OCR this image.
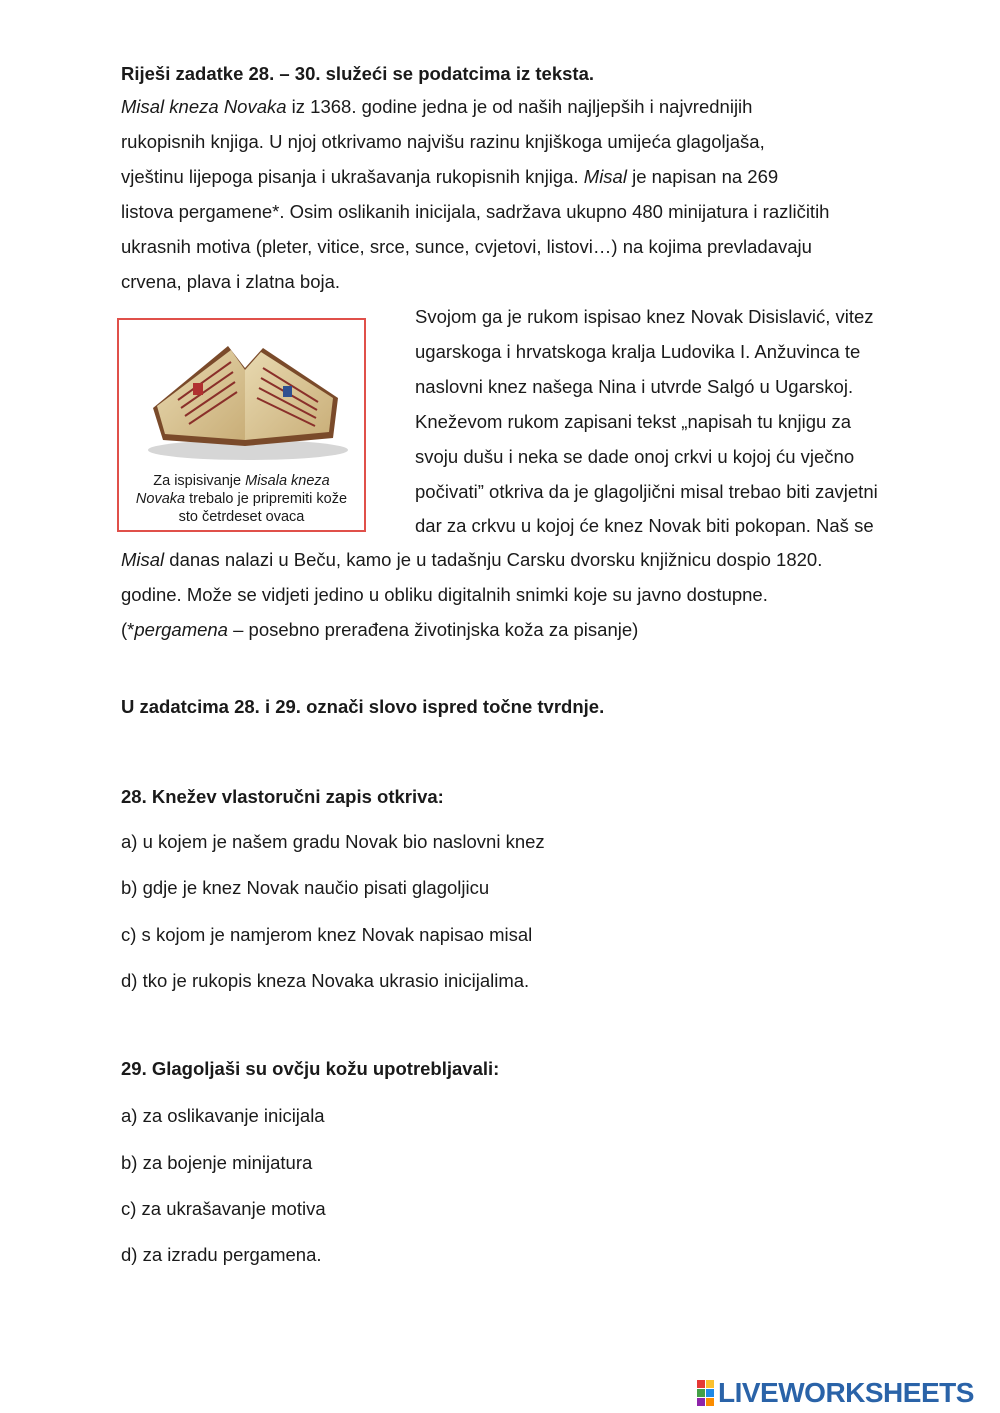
Riješi zadatke 28. – 30. služeći se podatcima iz teksta.
Misal kneza Novaka iz 1368. godine jedna je od naših najljepših i najvrednijih
rukopisnih knjiga. U njoj otkrivamo najvišu razinu knjiškoga umijeća glagoljaša,
vještinu lijepoga pisanja i ukrašavanja rukopisnih knjiga. Misal je napisan na 269
listova pergamene*. Osim oslikanih inicijala, sadržava ukupno 480 minijatura i različitih
ukrasnih motiva (pleter, vitice, srce, sunce, cvjetovi, listovi…) na kojima prevladavaju
crvena, plava i zlatna boja.
Za ispisivanje Misala kneza
Novaka trebalo je pripremiti kože
sto četrdeset ovaca
Svojom ga je rukom ispisao knez Novak Disislavić, vitez
ugarskoga i hrvatskoga kralja Ludovika I. Anžuvinca te
naslovni knez našega Nina i utvrde Salgó u Ugarskoj.
Kneževom rukom zapisani tekst „napisah tu knjigu za
svoju dušu i neka se dade onoj crkvi u kojoj ću vječno
počivati” otkriva da je glagoljični misal trebao biti zavjetni
dar za crkvu u kojoj će knez Novak biti pokopan. Naš se
Misal danas nalazi u Beču, kamo je u tadašnju Carsku dvorsku knjižnicu dospio 1820.
godine. Može se vidjeti jedino u obliku digitalnih snimki koje su javno dostupne.
(*pergamena – posebno prerađena životinjska koža za pisanje)
U zadatcima 28. i 29. označi slovo ispred točne tvrdnje.
28. Knežev vlastoručni zapis otkriva:
a) u kojem je našem gradu Novak bio naslovni knez
b) gdje je knez Novak naučio pisati glagoljicu
c) s kojom je namjerom knez Novak napisao misal
d) tko je rukopis kneza Novaka ukrasio inicijalima.
29. Glagoljaši su ovčju kožu upotrebljavali:
a) za oslikavanje inicijala
b) za bojenje minijatura
c) za ukrašavanje motiva
d) za izradu pergamena.
LIVEWORKSHEETS
